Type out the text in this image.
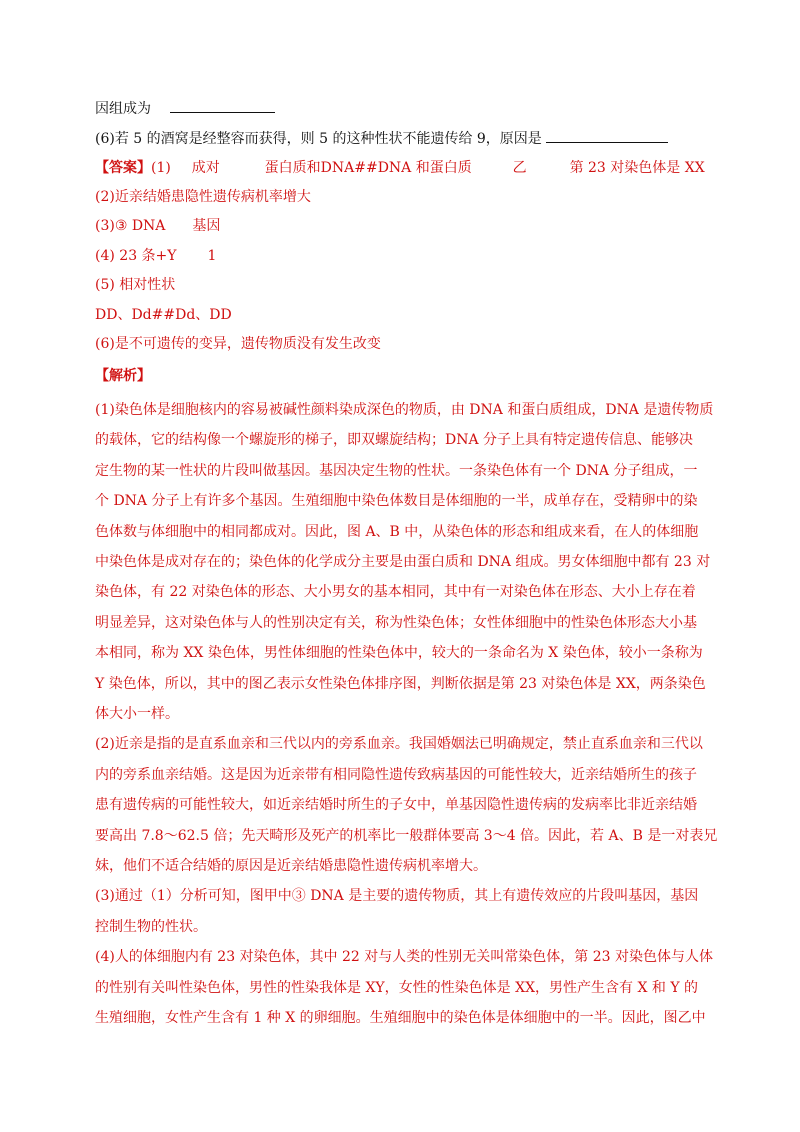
因组成为
(6)若 5 的酒窝是经整容而获得，则 5 的这种性状不能遗传给 9，原因是
【答案】(1) 成对	蛋白质和DNA##DNA 和蛋白质	乙	第 23 对染色体是 XX
(2)近亲结婚患隐性遗传病机率增大
(3)③ DNA 基因
(4) 23 条+Y 1
(5) 相对性状
DD、Dd##Dd、DD
(6)是不可遗传的变异，遗传物质没有发生改变
【解析】
(1)染色体是细胞核内的容易被碱性颜料染成深色的物质，由 DNA 和蛋白质组成，DNA 是遗传物质
的载体，它的结构像一个螺旋形的梯子，即双螺旋结构；DNA 分子上具有特定遗传信息、能够决
定生物的某一性状的片段叫做基因。基因决定生物的性状。一条染色体有一个 DNA 分子组成，一
个 DNA 分子上有许多个基因。生殖细胞中染色体数目是体细胞的一半，成单存在，受精卵中的染
色体数与体细胞中的相同都成对。因此，图 A、B 中，从染色体的形态和组成来看，在人的体细胞
中染色体是成对存在的；染色体的化学成分主要是由蛋白质和 DNA 组成。男女体细胞中都有 23 对
染色体，有 22 对染色体的形态、大小男女的基本相同，其中有一对染色体在形态、大小上存在着
明显差异，这对染色体与人的性别决定有关，称为性染色体；女性体细胞中的性染色体形态大小基
本相同，称为 XX 染色体，男性体细胞的性染色体中，较大的一条命名为 X 染色体，较小一条称为
Y 染色体，所以，其中的图乙表示女性染色体排序图，判断依据是第 23 对染色体是 XX，两条染色
体大小一样。
(2)近亲是指的是直系血亲和三代以内的旁系血亲。我国婚姻法已明确规定，禁止直系血亲和三代以
内的旁系血亲结婚。这是因为近亲带有相同隐性遗传致病基因的可能性较大，近亲结婚所生的孩子
患有遗传病的可能性较大，如近亲结婚时所生的子女中，单基因隐性遗传病的发病率比非近亲结婚
要高出 7.8～62.5 倍；先天畸形及死产的机率比一般群体要高 3～4 倍。因此，若 A、B 是一对表兄
妹，他们不适合结婚的原因是近亲结婚患隐性遗传病机率增大。
(3)通过（1）分析可知，图甲中③ DNA 是主要的遗传物质，其上有遗传效应的片段叫基因，基因
控制生物的性状。
(4)人的体细胞内有 23 对染色体，其中 22 对与人类的性别无关叫常染色体，第 23 对染色体与人体
的性别有关叫性染色体，男性的性染我体是 XY，女性的性染色体是 XX，男性产生含有 X 和 Y 的
生殖细胞，女性产生含有 1 种 X 的卵细胞。生殖细胞中的染色体是体细胞中的一半。因此，图乙中
